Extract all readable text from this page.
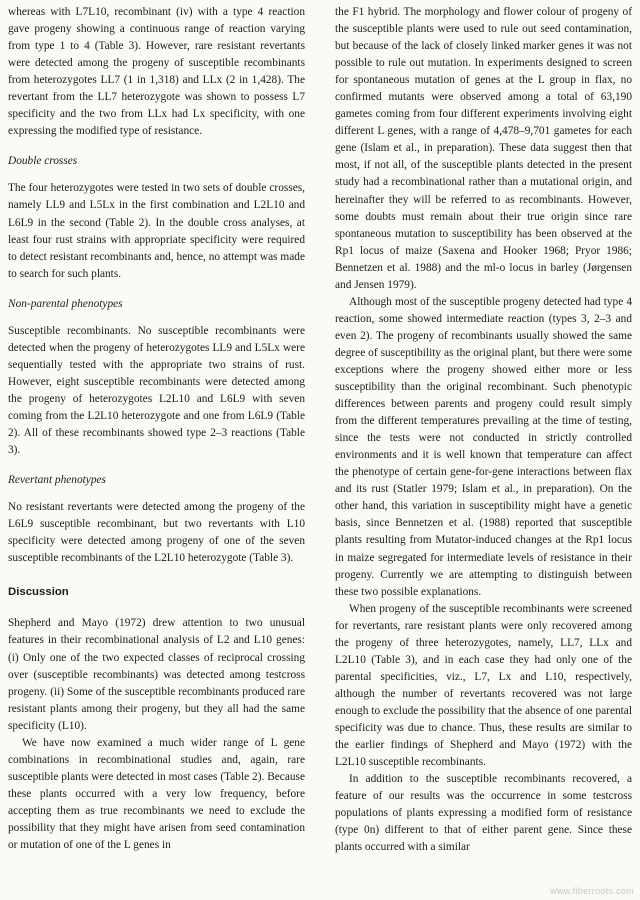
whereas with L7L10, recombinant (iv) with a type 4 reaction gave progeny showing a continuous range of reaction varying from type 1 to 4 (Table 3). However, rare resistant revertants were detected among the progeny of susceptible recombinants from heterozygotes LL7 (1 in 1,318) and LLx (2 in 1,428). The revertant from the LL7 heterozygote was shown to possess L7 specificity and the two from LLx had Lx specificity, with one expressing the modified type of resistance.

Double crosses

The four heterozygotes were tested in two sets of double crosses, namely LL9 and L5Lx in the first combination and L2L10 and L6L9 in the second (Table 2). In the double cross analyses, at least four rust strains with appropriate specificity were required to detect resistant recombinants and, hence, no attempt was made to search for such plants.

Non-parental phenotypes

Susceptible recombinants. No susceptible recombinants were detected when the progeny of heterozygotes LL9 and L5Lx were sequentially tested with the appropriate two strains of rust. However, eight susceptible recombinants were detected among the progeny of heterozygotes L2L10 and L6L9 with seven coming from the L2L10 heterozygote and one from L6L9 (Table 2). All of these recombinants showed type 2–3 reactions (Table 3).

Revertant phenotypes

No resistant revertants were detected among the progeny of the L6L9 susceptible recombinant, but two revertants with L10 specificity were detected among progeny of one of the seven susceptible recombinants of the L2L10 heterozygote (Table 3).

Discussion

Shepherd and Mayo (1972) drew attention to two unusual features in their recombinational analysis of L2 and L10 genes: (i) Only one of the two expected classes of reciprocal crossing over (susceptible recombinants) was detected among testcross progeny. (ii) Some of the susceptible recombinants produced rare resistant plants among their progeny, but they all had the same specificity (L10).

We have now examined a much wider range of L gene combinations in recombinational studies and, again, rare susceptible plants were detected in most cases (Table 2). Because these plants occurred with a very low frequency, before accepting them as true recombinants we need to exclude the possibility that they might have arisen from seed contamination or mutation of one of the L genes in

the F1 hybrid. The morphology and flower colour of progeny of the susceptible plants were used to rule out seed contamination, but because of the lack of closely linked marker genes it was not possible to rule out mutation. In experiments designed to screen for spontaneous mutation of genes at the L group in flax, no confirmed mutants were observed among a total of 63,190 gametes coming from four different experiments involving eight different L genes, with a range of 4,478–9,701 gametes for each gene (Islam et al., in preparation). These data suggest then that most, if not all, of the susceptible plants detected in the present study had a recombinational rather than a mutational origin, and hereinafter they will be referred to as recombinants. However, some doubts must remain about their true origin since rare spontaneous mutation to susceptibility has been observed at the Rp1 locus of maize (Saxena and Hooker 1968; Pryor 1986; Bennetzen et al. 1988) and the ml-o locus in barley (Jørgensen and Jensen 1979).

Although most of the susceptible progeny detected had type 4 reaction, some showed intermediate reaction (types 3, 2–3 and even 2). The progeny of recombinants usually showed the same degree of susceptibility as the original plant, but there were some exceptions where the progeny showed either more or less susceptibility than the original recombinant. Such phenotypic differences between parents and progeny could result simply from the different temperatures prevailing at the time of testing, since the tests were not conducted in strictly controlled environments and it is well known that temperature can affect the phenotype of certain gene-for-gene interactions between flax and its rust (Statler 1979; Islam et al., in preparation). On the other hand, this variation in susceptibility might have a genetic basis, since Bennetzen et al. (1988) reported that susceptible plants resulting from Mutator-induced changes at the Rp1 locus in maize segregated for intermediate levels of resistance in their progeny. Currently we are attempting to distinguish between these two possible explanations.

When progeny of the susceptible recombinants were screened for revertants, rare resistant plants were only recovered among the progeny of three heterozygotes, namely, LL7, LLx and L2L10 (Table 3), and in each case they had only one of the parental specificities, viz., L7, Lx and L10, respectively, although the number of revertants recovered was not large enough to exclude the possibility that the absence of one parental specificity was due to chance. Thus, these results are similar to the earlier findings of Shepherd and Mayo (1972) with the L2L10 susceptible recombinants.

In addition to the susceptible recombinants recovered, a feature of our results was the occurrence in some testcross populations of plants expressing a modified form of resistance (type 0n) different to that of either parent gene. Since these plants occurred with a similar

www.fiberroots.com
